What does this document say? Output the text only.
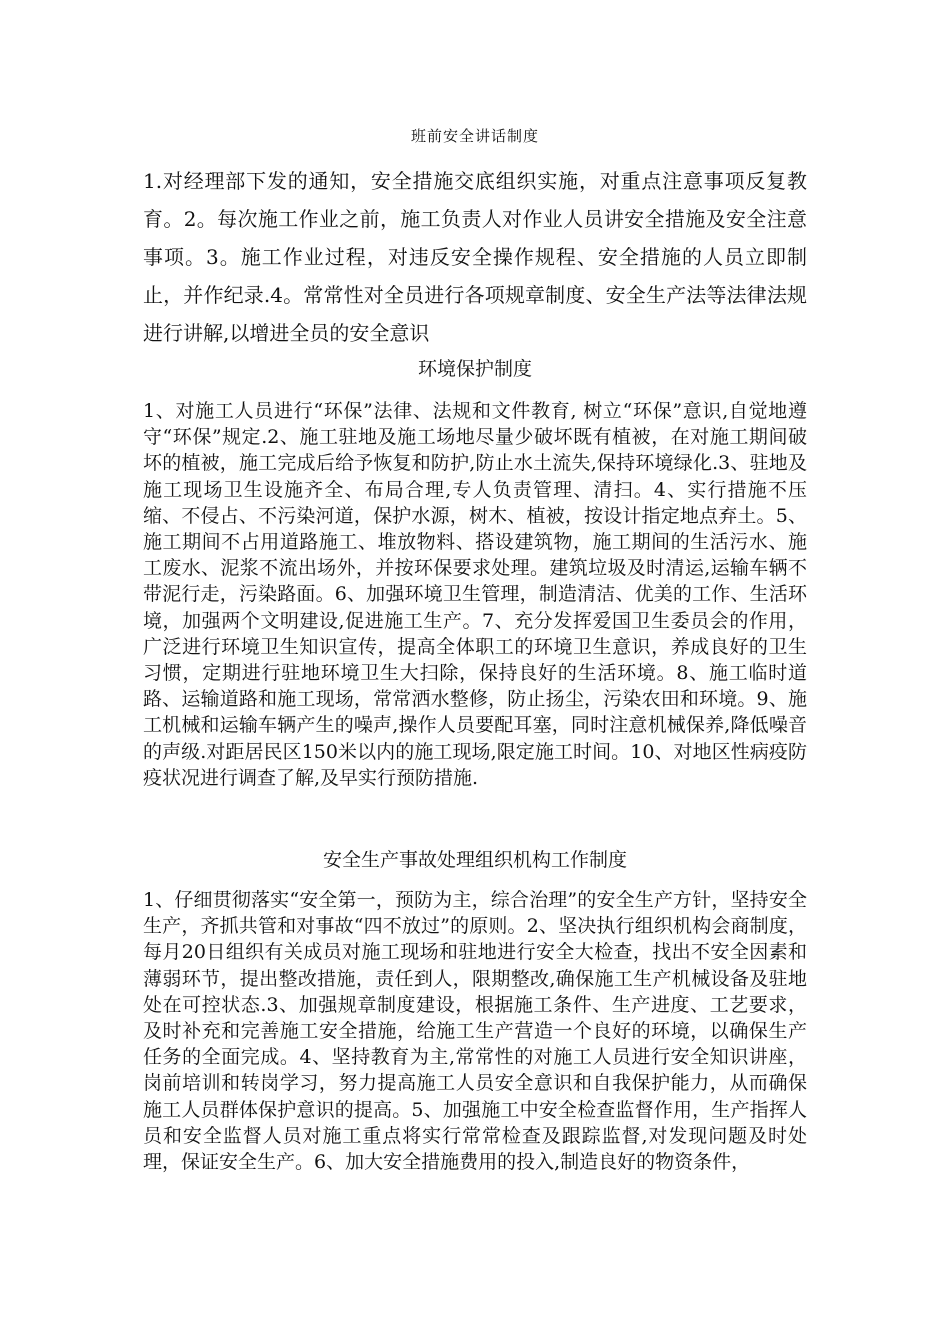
班前安全讲话制度

1.对经理部下发的通知，安全措施交底组织实施，对重点注意事项反复教育。2。每次施工作业之前，施工负责人对作业人员讲安全措施及安全注意事项。3。施工作业过程，对违反安全操作规程、安全措施的人员立即制止，并作纪录.4。常常性对全员进行各项规章制度、安全生产法等法律法规进行讲解,以增进全员的安全意识

环境保护制度

1、对施工人员进行“环保”法律、法规和文件教育, 树立“环保”意识,自觉地遵守“环保”规定.2、施工驻地及施工场地尽量少破坏既有植被，在对施工期间破坏的植被，施工完成后给予恢复和防护,防止水土流失,保持环境绿化.3、驻地及施工现场卫生设施齐全、布局合理,专人负责管理、清扫。4、实行措施不压缩、不侵占、不污染河道，保护水源，树木、植被，按设计指定地点弃土。5、施工期间不占用道路施工、堆放物料、搭设建筑物，施工期间的生活污水、施工废水、泥浆不流出场外，并按环保要求处理。建筑垃圾及时清运,运输车辆不带泥行走，污染路面。6、加强环境卫生管理，制造清洁、优美的工作、生活环境，加强两个文明建设,促进施工生产。7、充分发挥爱国卫生委员会的作用，广泛进行环境卫生知识宣传，提高全体职工的环境卫生意识，养成良好的卫生习惯，定期进行驻地环境卫生大扫除，保持良好的生活环境。8、施工临时道路、运输道路和施工现场，常常洒水整修，防止扬尘，污染农田和环境。9、施工机械和运输车辆产生的噪声,操作人员要配耳塞，同时注意机械保养,降低噪音的声级.对距居民区150米以内的施工现场,限定施工时间。10、对地区性病疫防疫状况进行调查了解,及早实行预防措施.

安全生产事故处理组织机构工作制度

1、仔细贯彻落实“安全第一，预防为主，综合治理”的安全生产方针，坚持安全生产，齐抓共管和对事故“四不放过”的原则。2、坚决执行组织机构会商制度，每月20日组织有关成员对施工现场和驻地进行安全大检查，找出不安全因素和薄弱环节，提出整改措施，责任到人，限期整改,确保施工生产机械设备及驻地处在可控状态.3、加强规章制度建设，根据施工条件、生产进度、工艺要求，及时补充和完善施工安全措施，给施工生产营造一个良好的环境，以确保生产任务的全面完成。4、坚持教育为主,常常性的对施工人员进行安全知识讲座，岗前培训和转岗学习，努力提高施工人员安全意识和自我保护能力，从而确保施工人员群体保护意识的提高。5、加强施工中安全检查监督作用，生产指挥人员和安全监督人员对施工重点将实行常常检查及跟踪监督,对发现问题及时处理，保证安全生产。6、加大安全措施费用的投入,制造良好的物资条件，
